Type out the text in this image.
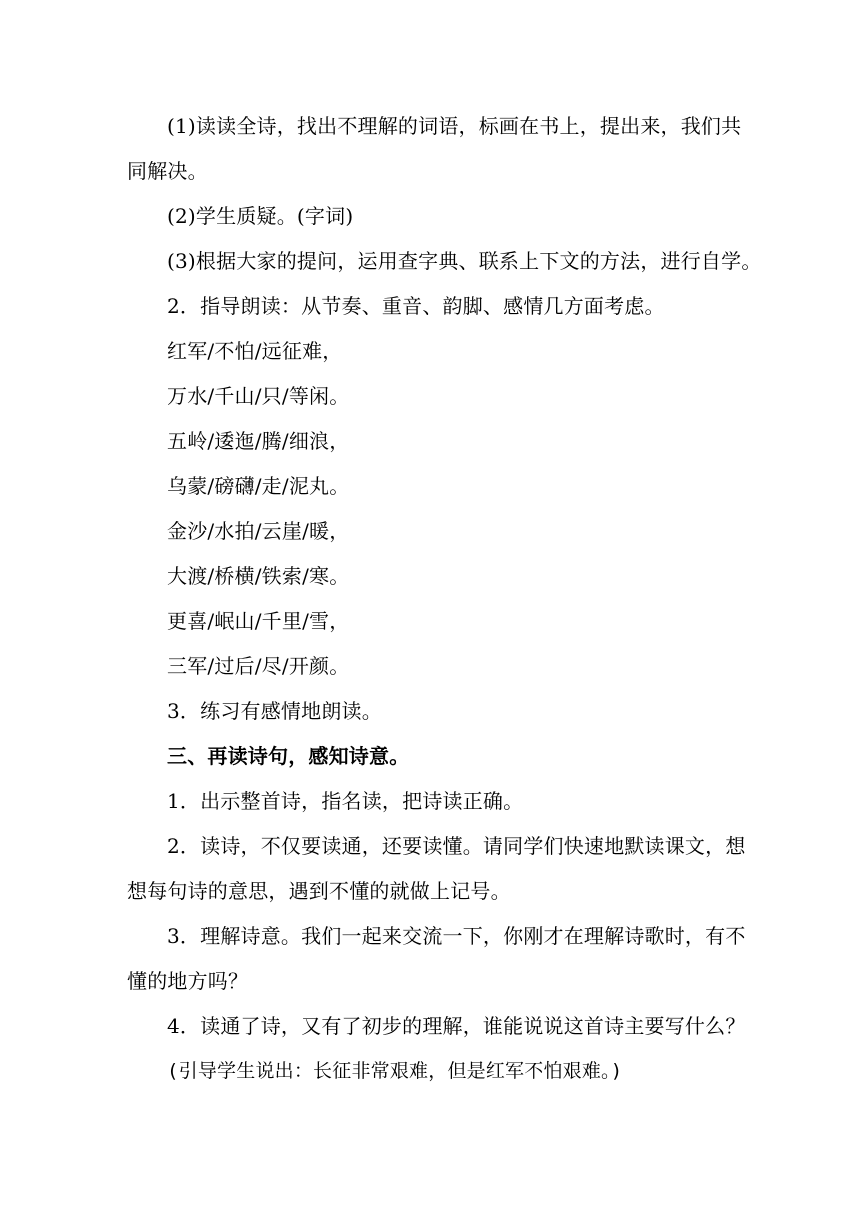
(1)读读全诗，找出不理解的词语，标画在书上，提出来，我们共同解决。
(2)学生质疑。(字词)
(3)根据大家的提问，运用查字典、联系上下文的方法，进行自学。
2．指导朗读：从节奏、重音、韵脚、感情几方面考虑。
红军/不怕/远征难，
万水/千山/只/等闲。
五岭/逶迤/腾/细浪，
乌蒙/磅礴/走/泥丸。
金沙/水拍/云崖/暖，
大渡/桥横/铁索/寒。
更喜/岷山/千里/雪，
三军/过后/尽/开颜。
3．练习有感情地朗读。
三、再读诗句，感知诗意。
1．出示整首诗，指名读，把诗读正确。
2．读诗，不仅要读通，还要读懂。请同学们快速地默读课文，想想每句诗的意思，遇到不懂的就做上记号。
3．理解诗意。我们一起来交流一下，你刚才在理解诗歌时，有不懂的地方吗？
4．读通了诗，又有了初步的理解，谁能说说这首诗主要写什么？
(引导学生说出：长征非常艰难，但是红军不怕艰难。)
